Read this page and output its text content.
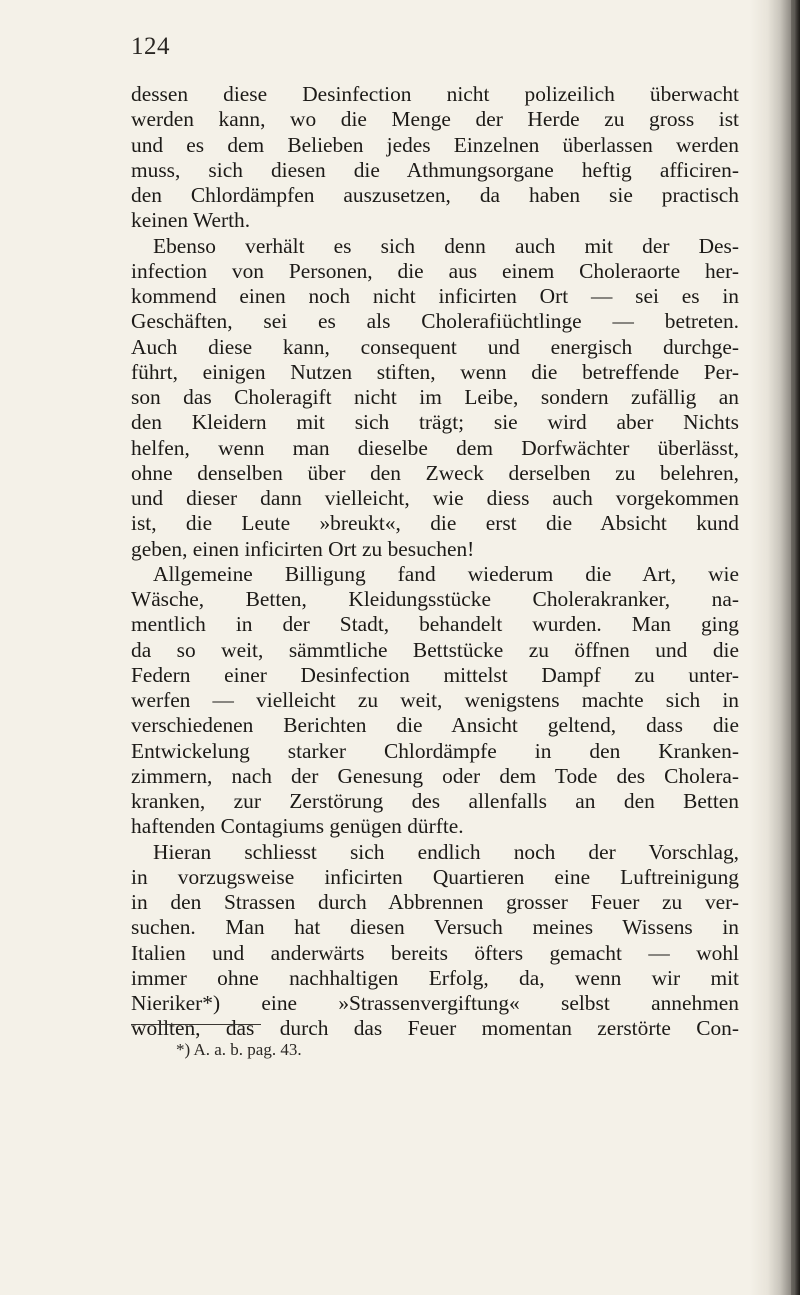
124
dessen diese Desinfection nicht polizeilich überwacht
werden kann, wo die Menge der Herde zu gross ist
und es dem Belieben jedes Einzelnen überlassen werden
muss, sich diesen die Athmungsorgane heftig afficiren-
den Chlordämpfen auszusetzen, da haben sie practisch
keinen Werth.
Ebenso verhält es sich denn auch mit der Des-
infection von Personen, die aus einem Choleraorte her-
kommend einen noch nicht inficirten Ort — sei es in
Geschäften, sei es als Cholerafiüchtlinge — betreten.
Auch diese kann, consequent und energisch durchge-
führt, einigen Nutzen stiften, wenn die betreffende Per-
son das Choleragift nicht im Leibe, sondern zufällig an
den Kleidern mit sich trägt; sie wird aber Nichts
helfen, wenn man dieselbe dem Dorfwächter überlässt,
ohne denselben über den Zweck derselben zu belehren,
und dieser dann vielleicht, wie diess auch vorgekommen
ist, die Leute »breukt«, die erst die Absicht kund
geben, einen inficirten Ort zu besuchen!
Allgemeine Billigung fand wiederum die Art, wie
Wäsche, Betten, Kleidungsstücke Cholerakranker, na-
mentlich in der Stadt, behandelt wurden. Man ging
da so weit, sämmtliche Bettstücke zu öffnen und die
Federn einer Desinfection mittelst Dampf zu unter-
werfen — vielleicht zu weit, wenigstens machte sich in
verschiedenen Berichten die Ansicht geltend, dass die
Entwickelung starker Chlordämpfe in den Kranken-
zimmern, nach der Genesung oder dem Tode des Cholera-
kranken, zur Zerstörung des allenfalls an den Betten
haftenden Contagiums genügen dürfte.
Hieran schliesst sich endlich noch der Vorschlag,
in vorzugsweise inficirten Quartieren eine Luftreinigung
in den Strassen durch Abbrennen grosser Feuer zu ver-
suchen. Man hat diesen Versuch meines Wissens in
Italien und anderwärts bereits öfters gemacht — wohl
immer ohne nachhaltigen Erfolg, da, wenn wir mit
Nieriker*) eine »Strassenvergiftung« selbst annehmen
wollten, das durch das Feuer momentan zerstörte Con-
*) A. a. b. pag. 43.
